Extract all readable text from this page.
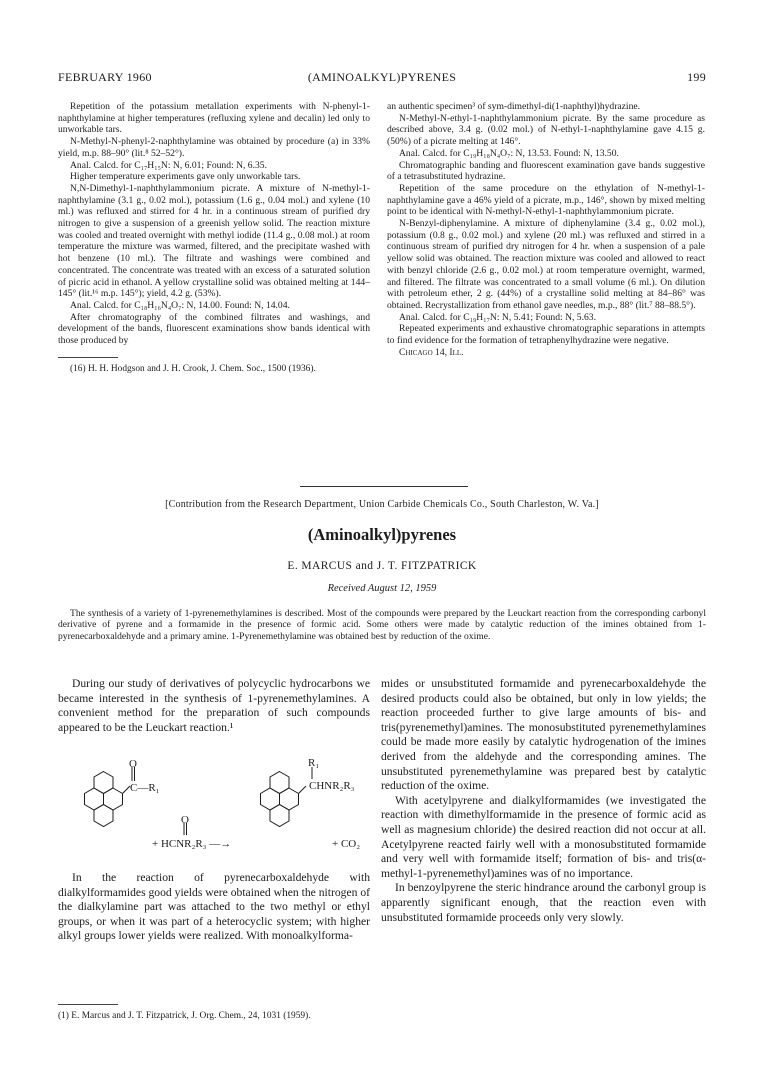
FEBRUARY 1960	(AMINOALKYL)PYRENES	199

Repetition of the potassium metallation experiments with N-phenyl-1-naphthylamine at higher temperatures (refluxing xylene and decalin) led only to unworkable tars.

N-Methyl-N-phenyl-2-naphthylamine was obtained by procedure (a) in 33% yield, m.p. 88–90° (lit.⁸ 52–52°).

Anal. Calcd. for C₁₇H₁₅N: N, 6.01; Found: N, 6.35.

Higher temperature experiments gave only unworkable tars.

N,N-Dimethyl-1-naphthylammonium picrate. A mixture of N-methyl-1-naphthylamine (3.1 g., 0.02 mol.), potassium (1.6 g., 0.04 mol.) and xylene (10 ml.) was refluxed and stirred for 4 hr. in a continuous stream of purified dry nitrogen to give a suspension of a greenish yellow solid. The reaction mixture was cooled and treated overnight with methyl iodide (11.4 g., 0.08 mol.) at room temperature the mixture was warmed, filtered, and the precipitate washed with hot benzene (10 ml.). The filtrate and washings were combined and concentrated. The concentrate was treated with an excess of a saturated solution of picric acid in ethanol. A yellow crystalline solid was obtained melting at 144–145° (lit.¹⁶ m.p. 145°); yield, 4.2 g. (53%).

Anal. Calcd. for C₁₈H₁₆N₄O₇: N, 14.00. Found: N, 14.04.

After chromatography of the combined filtrates and washings, and development of the bands, fluorescent examinations show bands identical with those produced by

(16) H. H. Hodgson and J. H. Crook, J. Chem. Soc., 1500 (1936).

an authentic specimen³ of sym-dimethyl-di(1-naphthyl)hydrazine.

N-Methyl-N-ethyl-1-naphthylammonium picrate. By the same procedure as described above, 3.4 g. (0.02 mol.) of N-ethyl-1-naphthylamine gave 4.15 g. (50%) of a picrate melting at 146°.

Anal. Calcd. for C₁₉H₁₈N₄O₇: N, 13.53. Found: N, 13.50.

Chromatographic banding and fluorescent examination gave bands suggestive of a tetrasubstituted hydrazine.

Repetition of the same procedure on the ethylation of N-methyl-1-naphthylamine gave a 46% yield of a picrate, m.p., 146°, shown by mixed melting point to be identical with N-methyl-N-ethyl-1-naphthylammonium picrate.

N-Benzyl-diphenylamine. A mixture of diphenylamine (3.4 g., 0.02 mol.), potassium (0.8 g., 0.02 mol.) and xylene (20 ml.) was refluxed and stirred in a continuous stream of purified dry nitrogen for 4 hr. when a suspension of a pale yellow solid was obtained. The reaction mixture was cooled and allowed to react with benzyl chloride (2.6 g., 0.02 mol.) at room temperature overnight, warmed, and filtered. The filtrate was concentrated to a small volume (6 ml.). On dilution with petroleum ether, 2 g. (44%) of a crystalline solid melting at 84–86° was obtained. Recrystallization from ethanol gave needles, m.p., 88° (lit.⁷ 88–88.5°).

Anal. Calcd. for C₁₉H₁₇N: N, 5.41; Found: N, 5.63.

Repeated experiments and exhaustive chromatographic separations in attempts to find evidence for the formation of tetraphenylhydrazine were negative.

Chicago 14, Ill.

[Contribution from the Research Department, Union Carbide Chemicals Co., South Charleston, W. Va.]
(Aminoalkyl)pyrenes
E. MARCUS and J. T. FITZPATRICK
Received August 12, 1959

The synthesis of a variety of 1-pyrenemethylamines is described. Most of the compounds were prepared by the Leuckart reaction from the corresponding carbonyl derivative of pyrene and a formamide in the presence of formic acid. Some others were made by catalytic reduction of the imines obtained from 1-pyrenecarboxaldehyde and a primary amine. 1-Pyrenemethylamine was obtained best by reduction of the oxime.

During our study of derivatives of polycyclic hydrocarbons we became interested in the synthesis of 1-pyrenemethylamines. A convenient method for the preparation of such compounds appeared to be the Leuckart reaction.¹

O
C—R₁
O
+ HCNR₂R₃ —→
R₁
CHNR₂R₃
+ CO₂

In the reaction of pyrenecarboxaldehyde with dialkylformamides good yields were obtained when the nitrogen of the dialkylamine part was attached to the two methyl or ethyl groups, or when it was part of a heterocyclic system; with higher alkyl groups lower yields were realized. With monoalkylforma-

(1) E. Marcus and J. T. Fitzpatrick, J. Org. Chem., 24, 1031 (1959).

mides or unsubstituted formamide and pyrenecarboxaldehyde the desired products could also be obtained, but only in low yields; the reaction proceeded further to give large amounts of bis- and tris(pyrenemethyl)amines. The monosubstituted pyrenemethylamines could be made more easily by catalytic hydrogenation of the imines derived from the aldehyde and the corresponding amines. The unsubstituted pyrenemethylamine was prepared best by catalytic reduction of the oxime.

With acetylpyrene and dialkylformamides (we investigated the reaction with dimethylformamide in the presence of formic acid as well as magnesium chloride) the desired reaction did not occur at all. Acetylpyrene reacted fairly well with a monosubstituted formamide and very well with formamide itself; formation of bis- and tris(α-methyl-1-pyrenemethyl)amines was of no importance.

In benzoylpyrene the steric hindrance around the carbonyl group is apparently significant enough, that the reaction even with unsubstituted formamide proceeds only very slowly.
